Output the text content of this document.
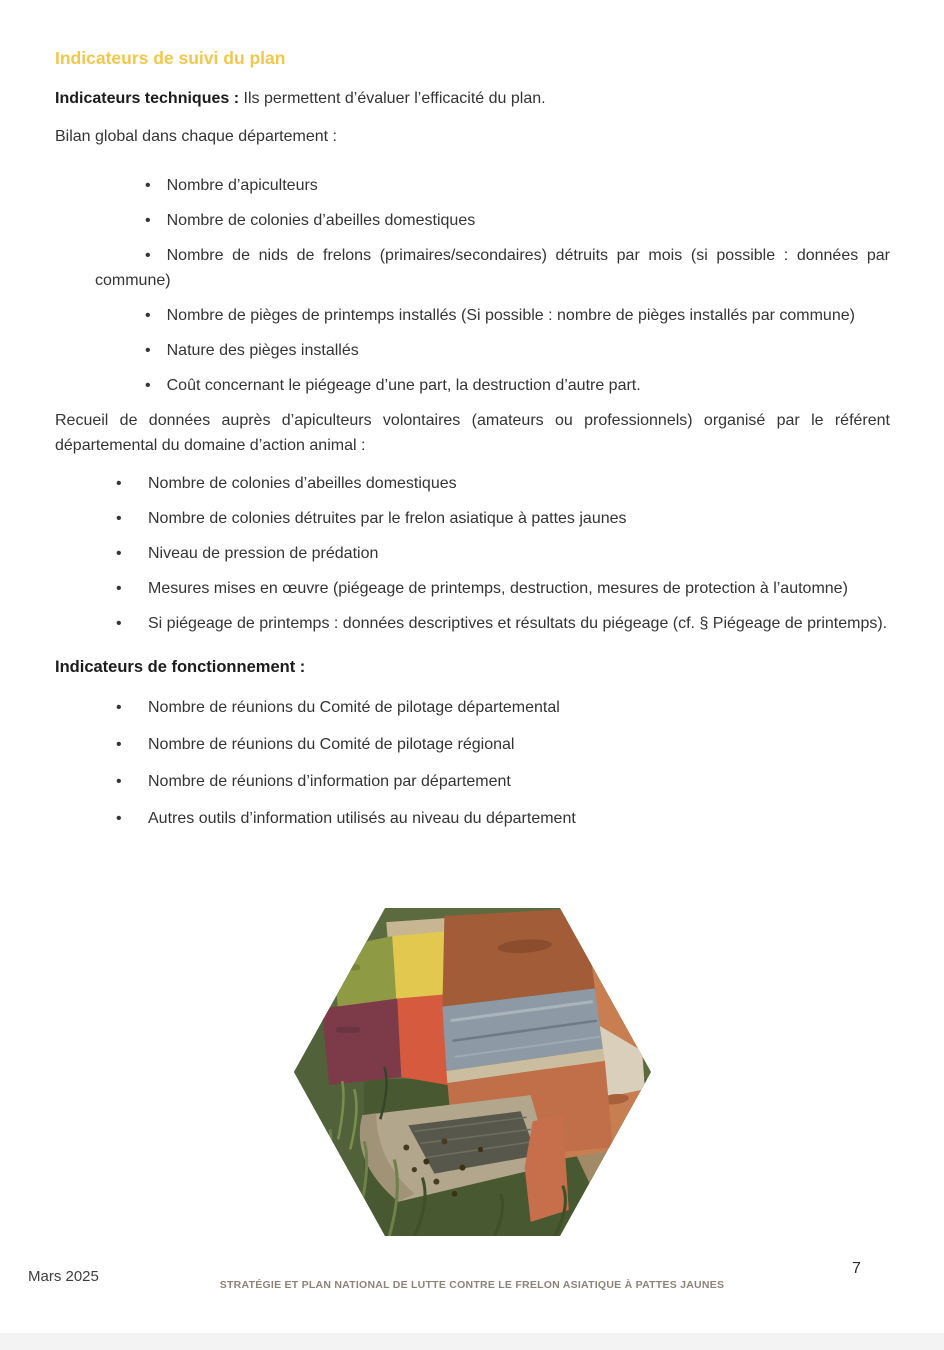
Indicateurs de suivi du plan

Indicateurs techniques : Ils permettent d’évaluer l’efficacité du plan.

Bilan global dans chaque département :

• Nombre d’apiculteurs
• Nombre de colonies d’abeilles domestiques
• Nombre de nids de frelons (primaires/secondaires) détruits par mois (si possible : données par commune)
• Nombre de pièges de printemps installés (Si possible : nombre de pièges installés par commune)
• Nature des pièges installés
• Coût concernant le piégeage d’une part, la destruction d’autre part.

Recueil de données auprès d’apiculteurs volontaires (amateurs ou professionnels) organisé par le référent départemental du domaine d’action animal :

• Nombre de colonies d’abeilles domestiques
• Nombre de colonies détruites par le frelon asiatique à pattes jaunes
• Niveau de pression de prédation
• Mesures mises en œuvre (piégeage de printemps, destruction, mesures de protection à l’automne)
• Si piégeage de printemps : données descriptives et résultats du piégeage (cf. § Piégeage de printemps).
Indicateurs de fonctionnement :
• Nombre de réunions du Comité de pilotage départemental
• Nombre de réunions du Comité de pilotage régional
• Nombre de réunions d’information par département
• Autres outils d’information utilisés au niveau du département
Mars 2025	STRATÉGIE ET PLAN NATIONAL DE LUTTE CONTRE LE FRELON ASIATIQUE À PATTES JAUNES
7
